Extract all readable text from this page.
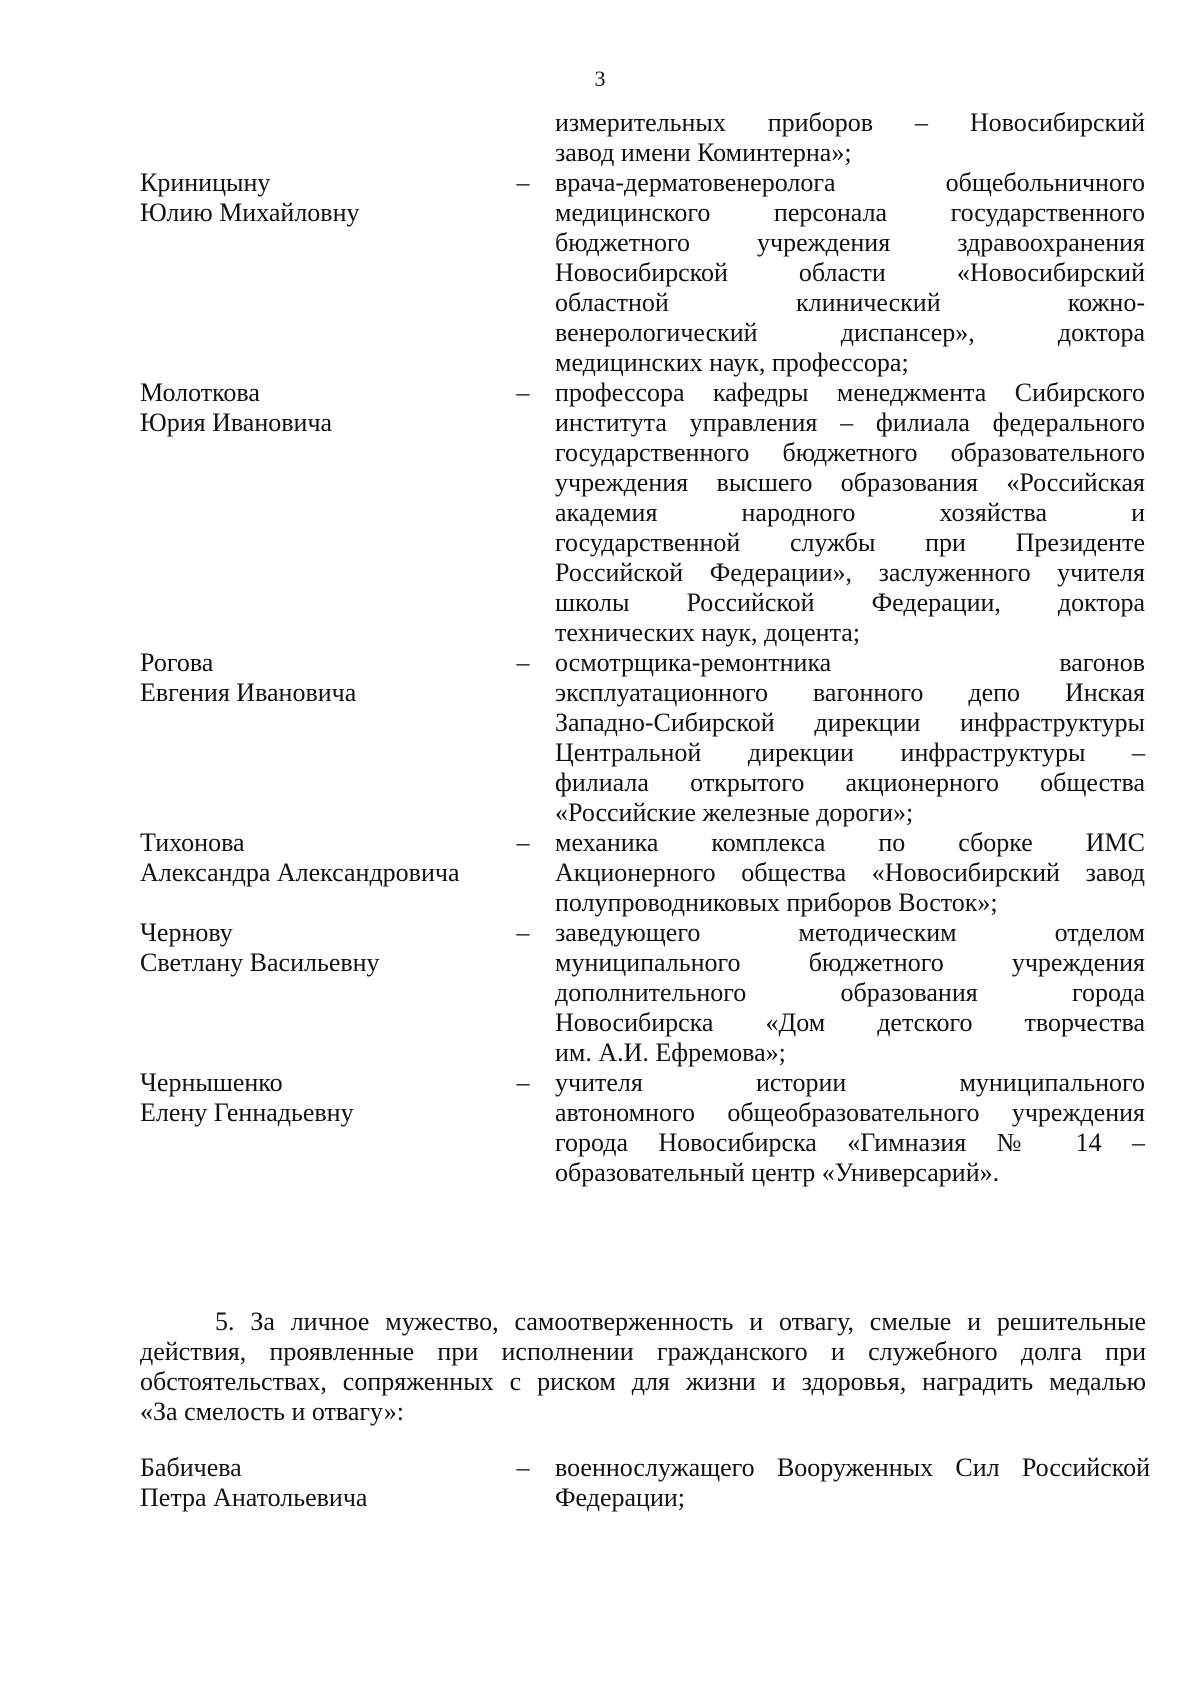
3
измерительных приборов – Новосибирский
завод имени Коминтерна»;
Криницыну
Юлию Михайловну
– врача-дерматовенеролога общебольничного
медицинского персонала государственного
бюджетного учреждения здравоохранения
Новосибирской области «Новосибирский
областной клинический кожно-
венерологический диспансер», доктора
медицинских наук, профессора;
Молоткова
Юрия Ивановича
– профессора кафедры менеджмента Сибирского
института управления – филиала федерального
государственного бюджетного образовательного
учреждения высшего образования «Российская
академия народного хозяйства и
государственной службы при Президенте
Российской Федерации», заслуженного учителя
школы Российской Федерации, доктора
технических наук, доцента;
Рогова
Евгения Ивановича
– осмотрщика-ремонтника вагонов
эксплуатационного вагонного депо Инская
Западно-Сибирской дирекции инфраструктуры
Центральной дирекции инфраструктуры –
филиала открытого акционерного общества
«Российские железные дороги»;
Тихонова
Александра Александровича
– механика комплекса по сборке ИМС
Акционерного общества «Новосибирский завод
полупроводниковых приборов Восток»;
Чернову
Светлану Васильевну
– заведующего методическим отделом
муниципального бюджетного учреждения
дополнительного образования города
Новосибирска «Дом детского творчества
им. А.И. Ефремова»;
Чернышенко
Елену Геннадьевну
– учителя истории муниципального
автономного общеобразовательного учреждения
города Новосибирска «Гимназия № 14 –
образовательный центр «Универсарий».
5. За личное мужество, самоотверженность и отвагу, смелые и решительные
действия, проявленные при исполнении гражданского и служебного долга при
обстоятельствах, сопряженных с риском для жизни и здоровья, наградить медалью
«За смелость и отвагу»:
Бабичева
Петра Анатольевича
– военнослужащего Вооруженных Сил Российской
Федерации;
